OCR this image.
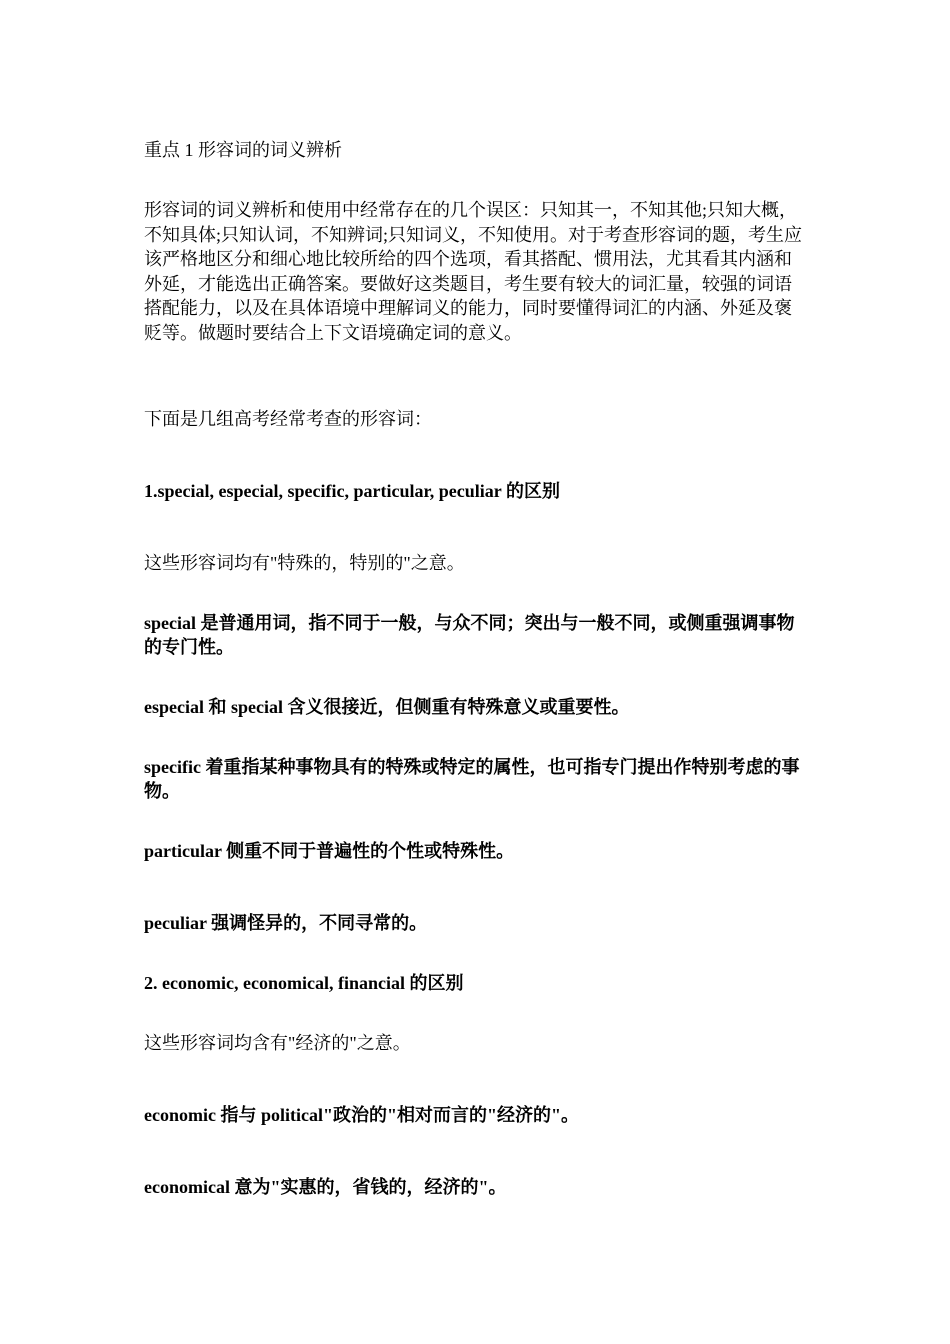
重点 1 形容词的词义辨析

形容词的词义辨析和使用中经常存在的几个误区：只知其一，不知其他;只知大概，不知具体;只知认词，不知辨词;只知词义，不知使用。对于考查形容词的题，考生应该严格地区分和细心地比较所给的四个选项，看其搭配、惯用法，尤其看其内涵和外延，才能选出正确答案。要做好这类题目，考生要有较大的词汇量，较强的词语搭配能力，以及在具体语境中理解词义的能力，同时要懂得词汇的内涵、外延及褒贬等。做题时要结合上下文语境确定词的意义。

下面是几组高考经常考查的形容词：

1.special, especial, specific, particular, peculiar 的区别

这些形容词均有"特殊的，特别的"之意。

special 是普通用词，指不同于一般，与众不同；突出与一般不同，或侧重强调事物的专门性。

especial 和 special 含义很接近，但侧重有特殊意义或重要性。

specific 着重指某种事物具有的特殊或特定的属性，也可指专门提出作特别考虑的事物。

particular 侧重不同于普遍性的个性或特殊性。

peculiar 强调怪异的，不同寻常的。

2. economic, economical, financial 的区别

这些形容词均含有"经济的"之意。

economic 指与 political"政治的"相对而言的"经济的"。

economical 意为"实惠的，省钱的，经济的"。
